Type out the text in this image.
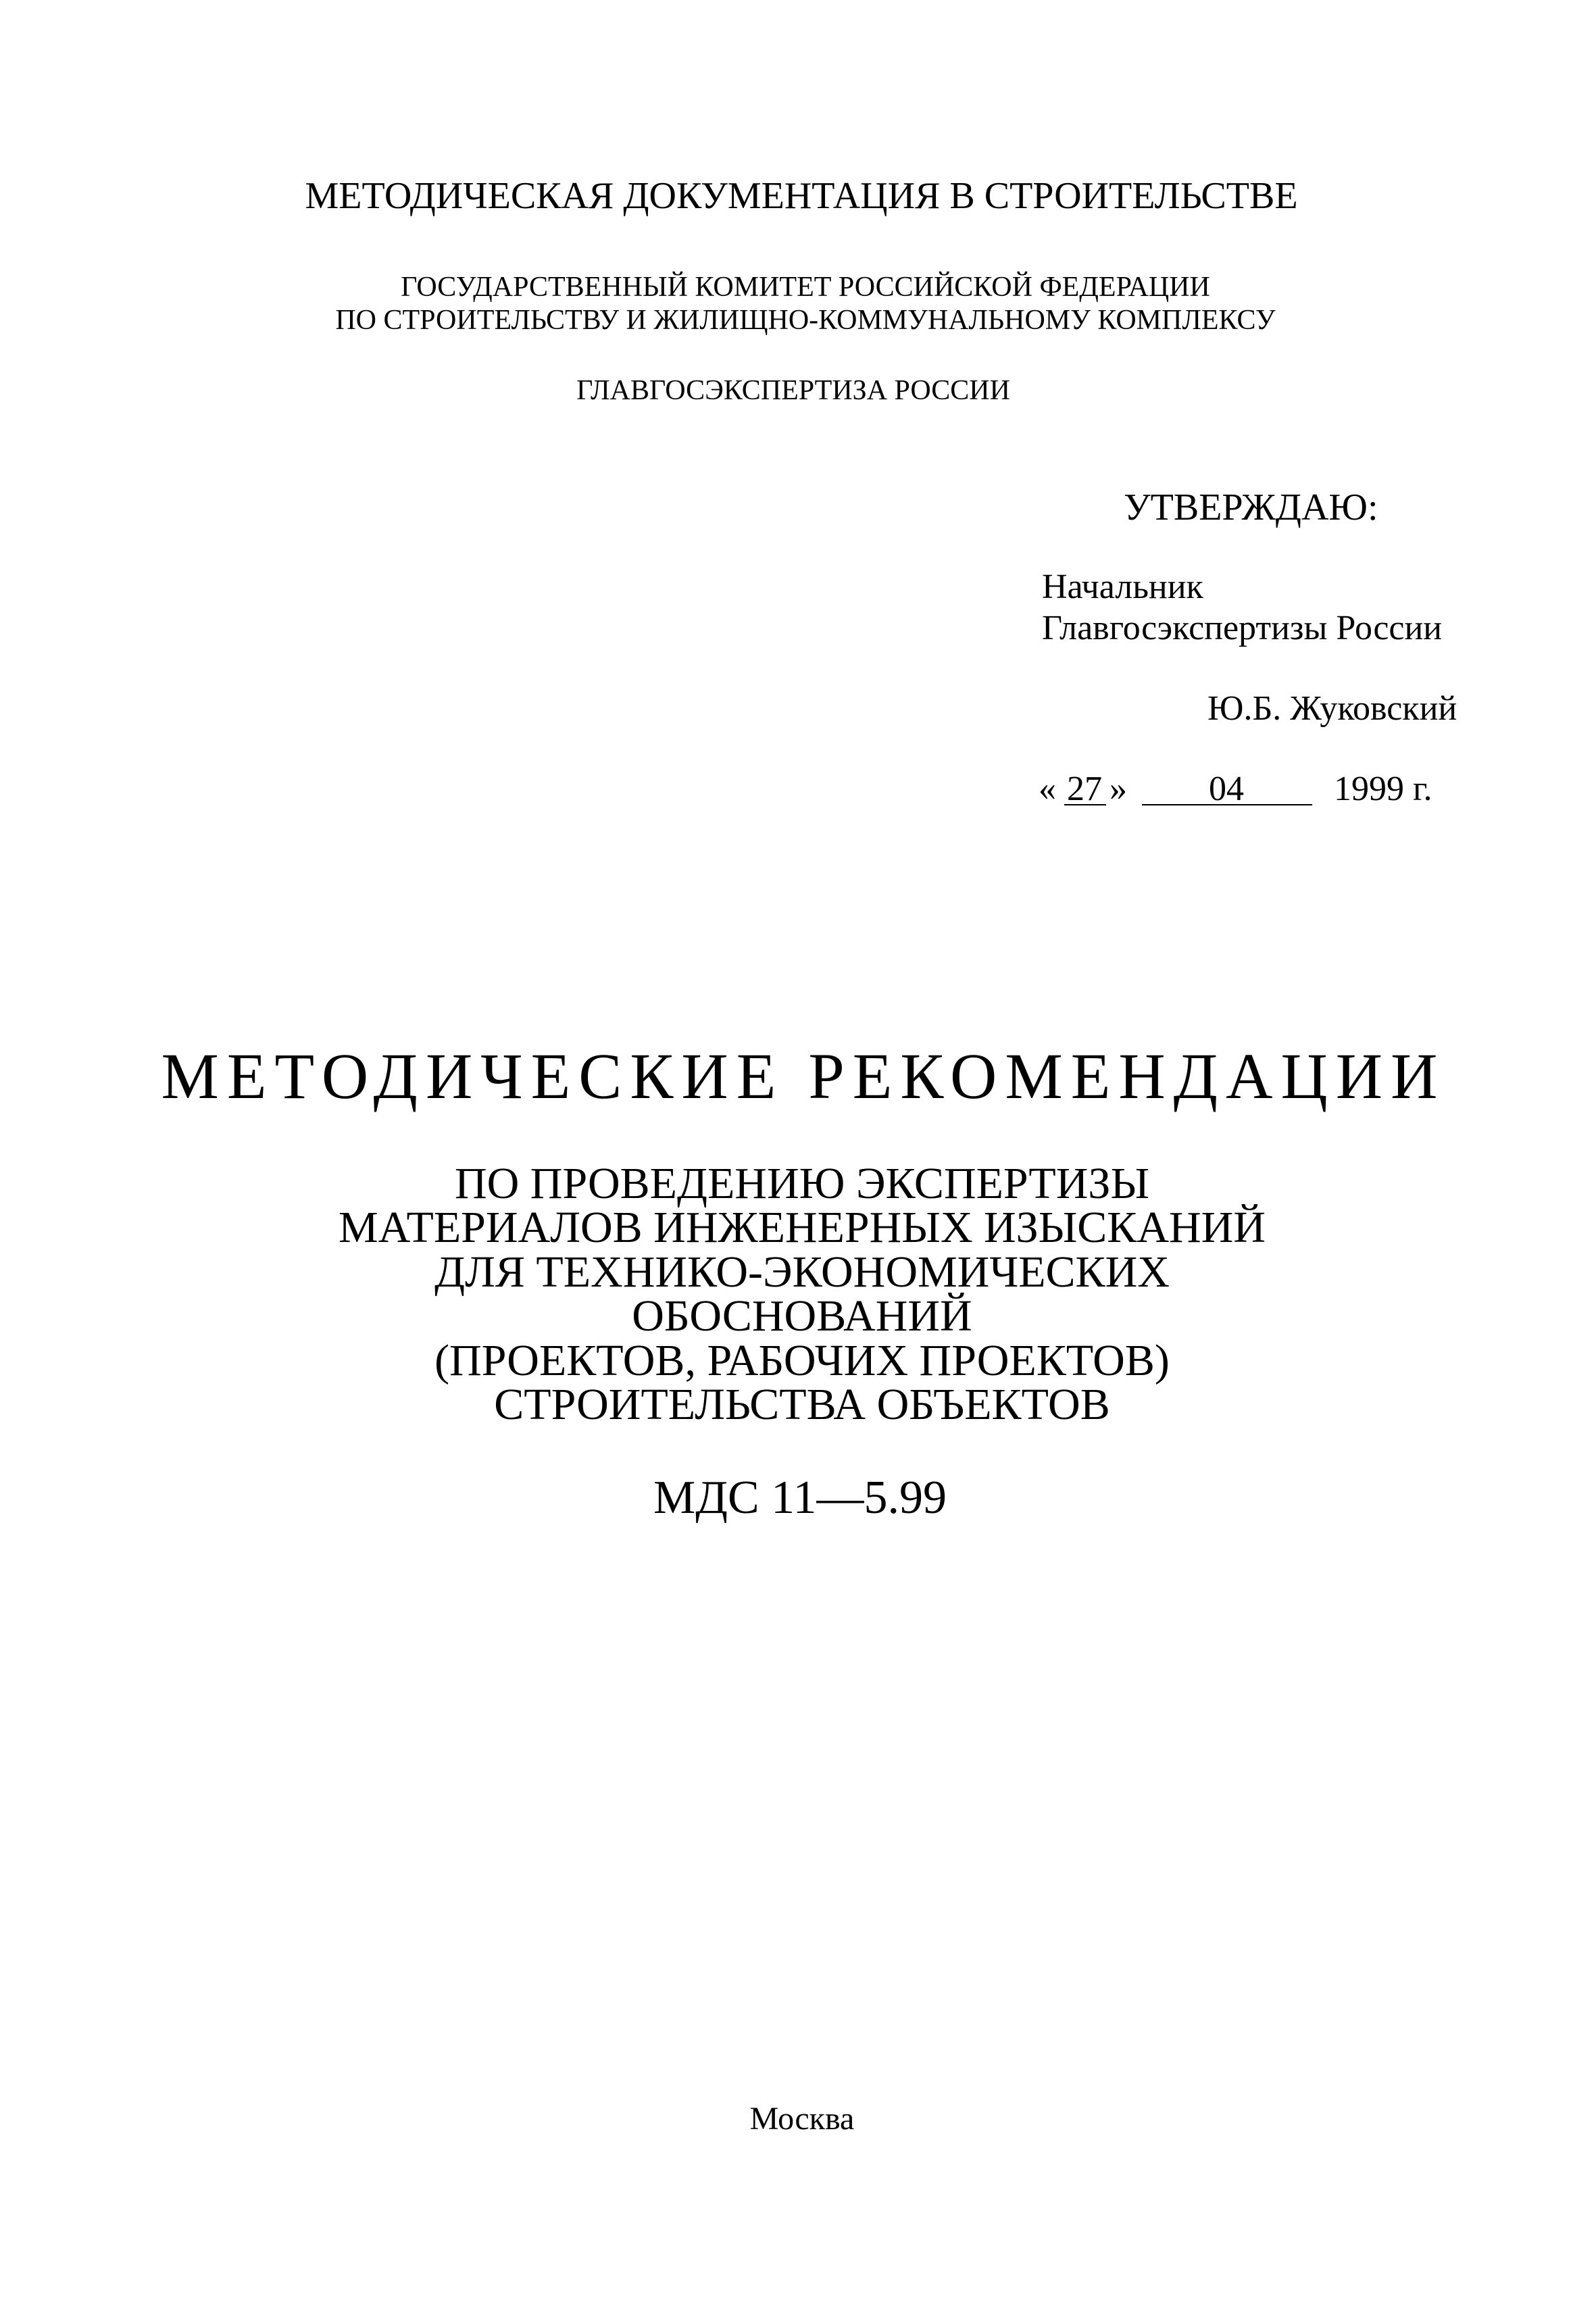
МЕТОДИЧЕСКАЯ ДОКУМЕНТАЦИЯ В СТРОИТЕЛЬСТВЕ
ГОСУДАРСТВЕННЫЙ КОМИТЕТ РОССИЙСКОЙ ФЕДЕРАЦИИ
ПО СТРОИТЕЛЬСТВУ И ЖИЛИЩНО-КОММУНАЛЬНОМУ КОМПЛЕКСУ
ГЛАВГОСЭКСПЕРТИЗА РОССИИ
УТВЕРЖДАЮ:
Начальник
Главгосэкспертизы России
Ю.Б. Жуковский
« 27 »	04	1999 г.
МЕТОДИЧЕСКИЕ РЕКОМЕНДАЦИИ
ПО ПРОВЕДЕНИЮ ЭКСПЕРТИЗЫ
МАТЕРИАЛОВ ИНЖЕНЕРНЫХ ИЗЫСКАНИЙ
ДЛЯ ТЕХНИКО-ЭКОНОМИЧЕСКИХ
ОБОСНОВАНИЙ
(ПРОЕКТОВ, РАБОЧИХ ПРОЕКТОВ)
СТРОИТЕЛЬСТВА ОБЪЕКТОВ
МДС 11—5.99
Москва
